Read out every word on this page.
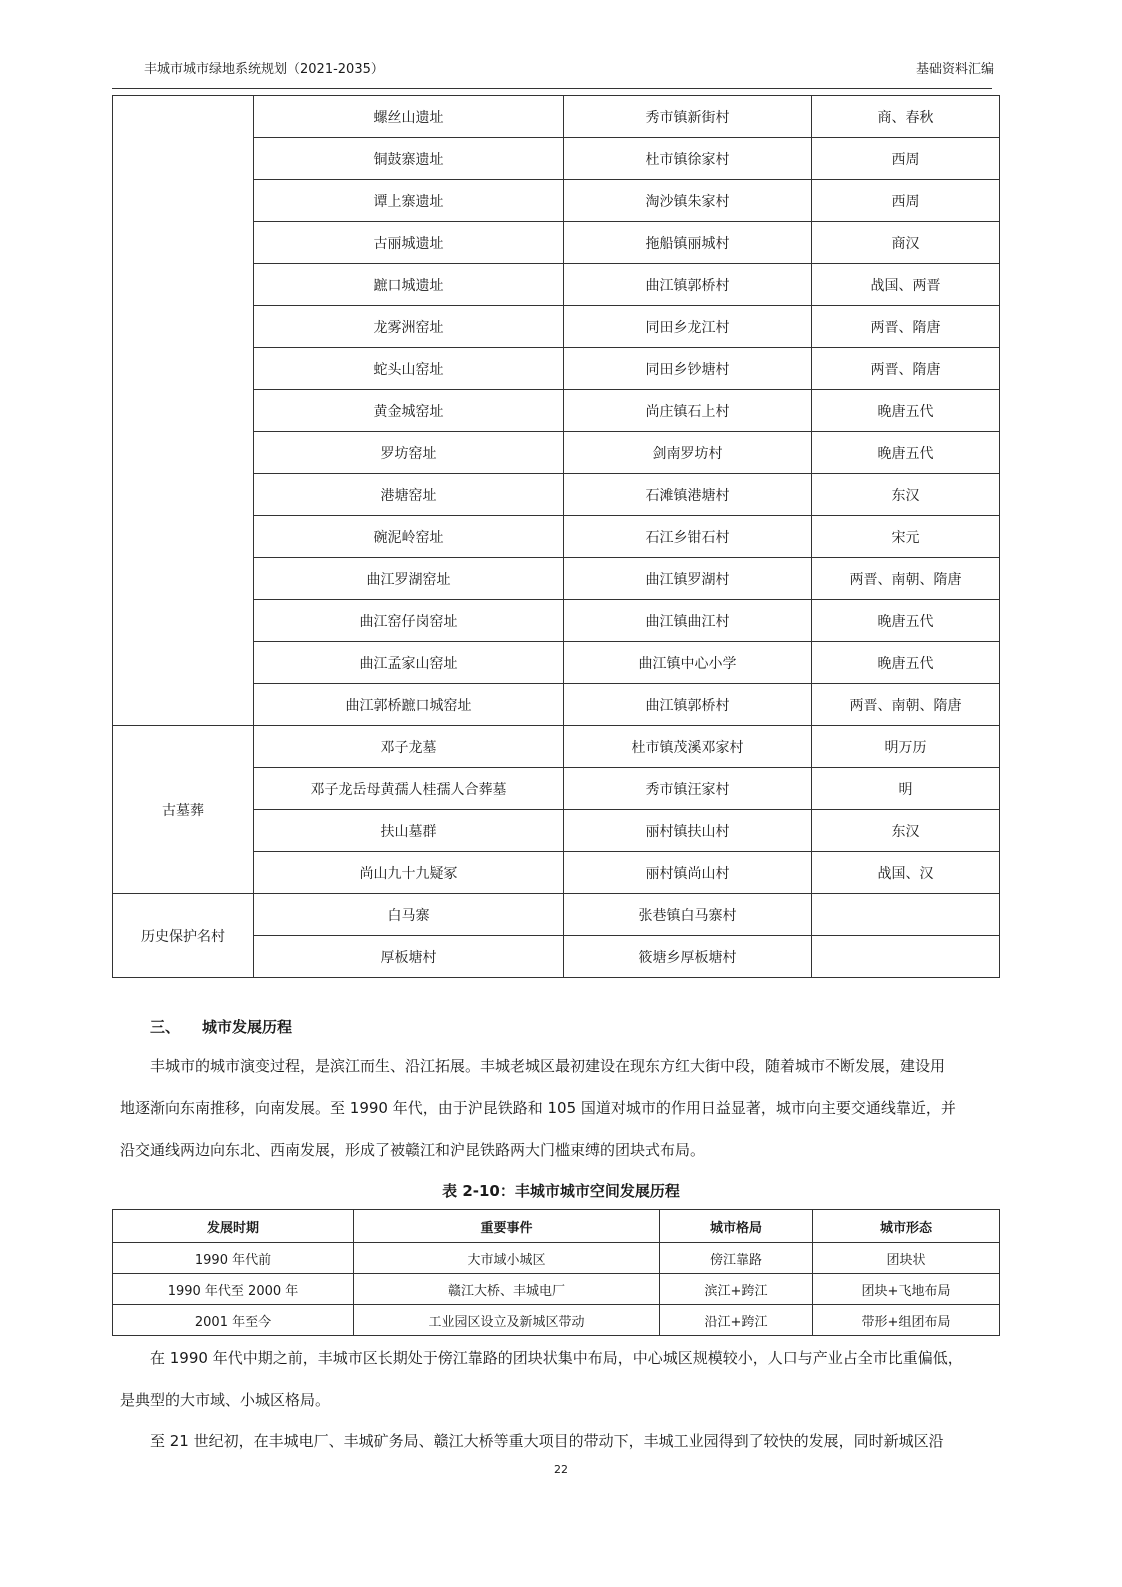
丰城市城市绿地系统规划（2021-2035）	基础资料汇编
	螺丝山遗址	秀市镇新街村	商、春秋
	铜鼓寨遗址	杜市镇徐家村	西周
	谭上寨遗址	淘沙镇朱家村	西周
	古丽城遗址	拖船镇丽城村	商汉
	蹠口城遗址	曲江镇郭桥村	战国、两晋
	龙雾洲窑址	同田乡龙江村	两晋、隋唐
	蛇头山窑址	同田乡钞塘村	两晋、隋唐
	黄金城窑址	尚庄镇石上村	晚唐五代
	罗坊窑址	剑南罗坊村	晚唐五代
	港塘窑址	石滩镇港塘村	东汉
	碗泥岭窑址	石江乡钳石村	宋元
	曲江罗湖窑址	曲江镇罗湖村	两晋、南朝、隋唐
	曲江窑仔岗窑址	曲江镇曲江村	晚唐五代
	曲江孟家山窑址	曲江镇中心小学	晚唐五代
	曲江郭桥蹠口城窑址	曲江镇郭桥村	两晋、南朝、隋唐
古墓葬	邓子龙墓	杜市镇茂溪邓家村	明万历
	邓子龙岳母黄孺人桂孺人合葬墓	秀市镇汪家村	明
	扶山墓群	丽村镇扶山村	东汉
	尚山九十九疑冢	丽村镇尚山村	战国、汉
历史保护名村	白马寨	张巷镇白马寨村	
	厚板塘村	筱塘乡厚板塘村	
三、 城市发展历程

丰城市的城市演变过程，是滨江而生、沿江拓展。丰城老城区最初建设在现东方红大街中段，随着城市不断发展，建设用
地逐渐向东南推移，向南发展。至 1990 年代，由于沪昆铁路和 105 国道对城市的作用日益显著，城市向主要交通线靠近，并
沿交通线两边向东北、西南发展，形成了被赣江和沪昆铁路两大门槛束缚的团块式布局。

表 2-10：丰城市城市空间发展历程
发展时期	重要事件	城市格局	城市形态
1990 年代前	大市域小城区	傍江靠路	团块状
1990 年代至 2000 年	赣江大桥、丰城电厂	滨江+跨江	团块+飞地布局
2001 年至今	工业园区设立及新城区带动	沿江+跨江	带形+组团布局

在 1990 年代中期之前，丰城市区长期处于傍江靠路的团块状集中布局，中心城区规模较小，人口与产业占全市比重偏低，
是典型的大市域、小城区格局。

至 21 世纪初，在丰城电厂、丰城矿务局、赣江大桥等重大项目的带动下，丰城工业园得到了较快的发展，同时新城区沿

22
